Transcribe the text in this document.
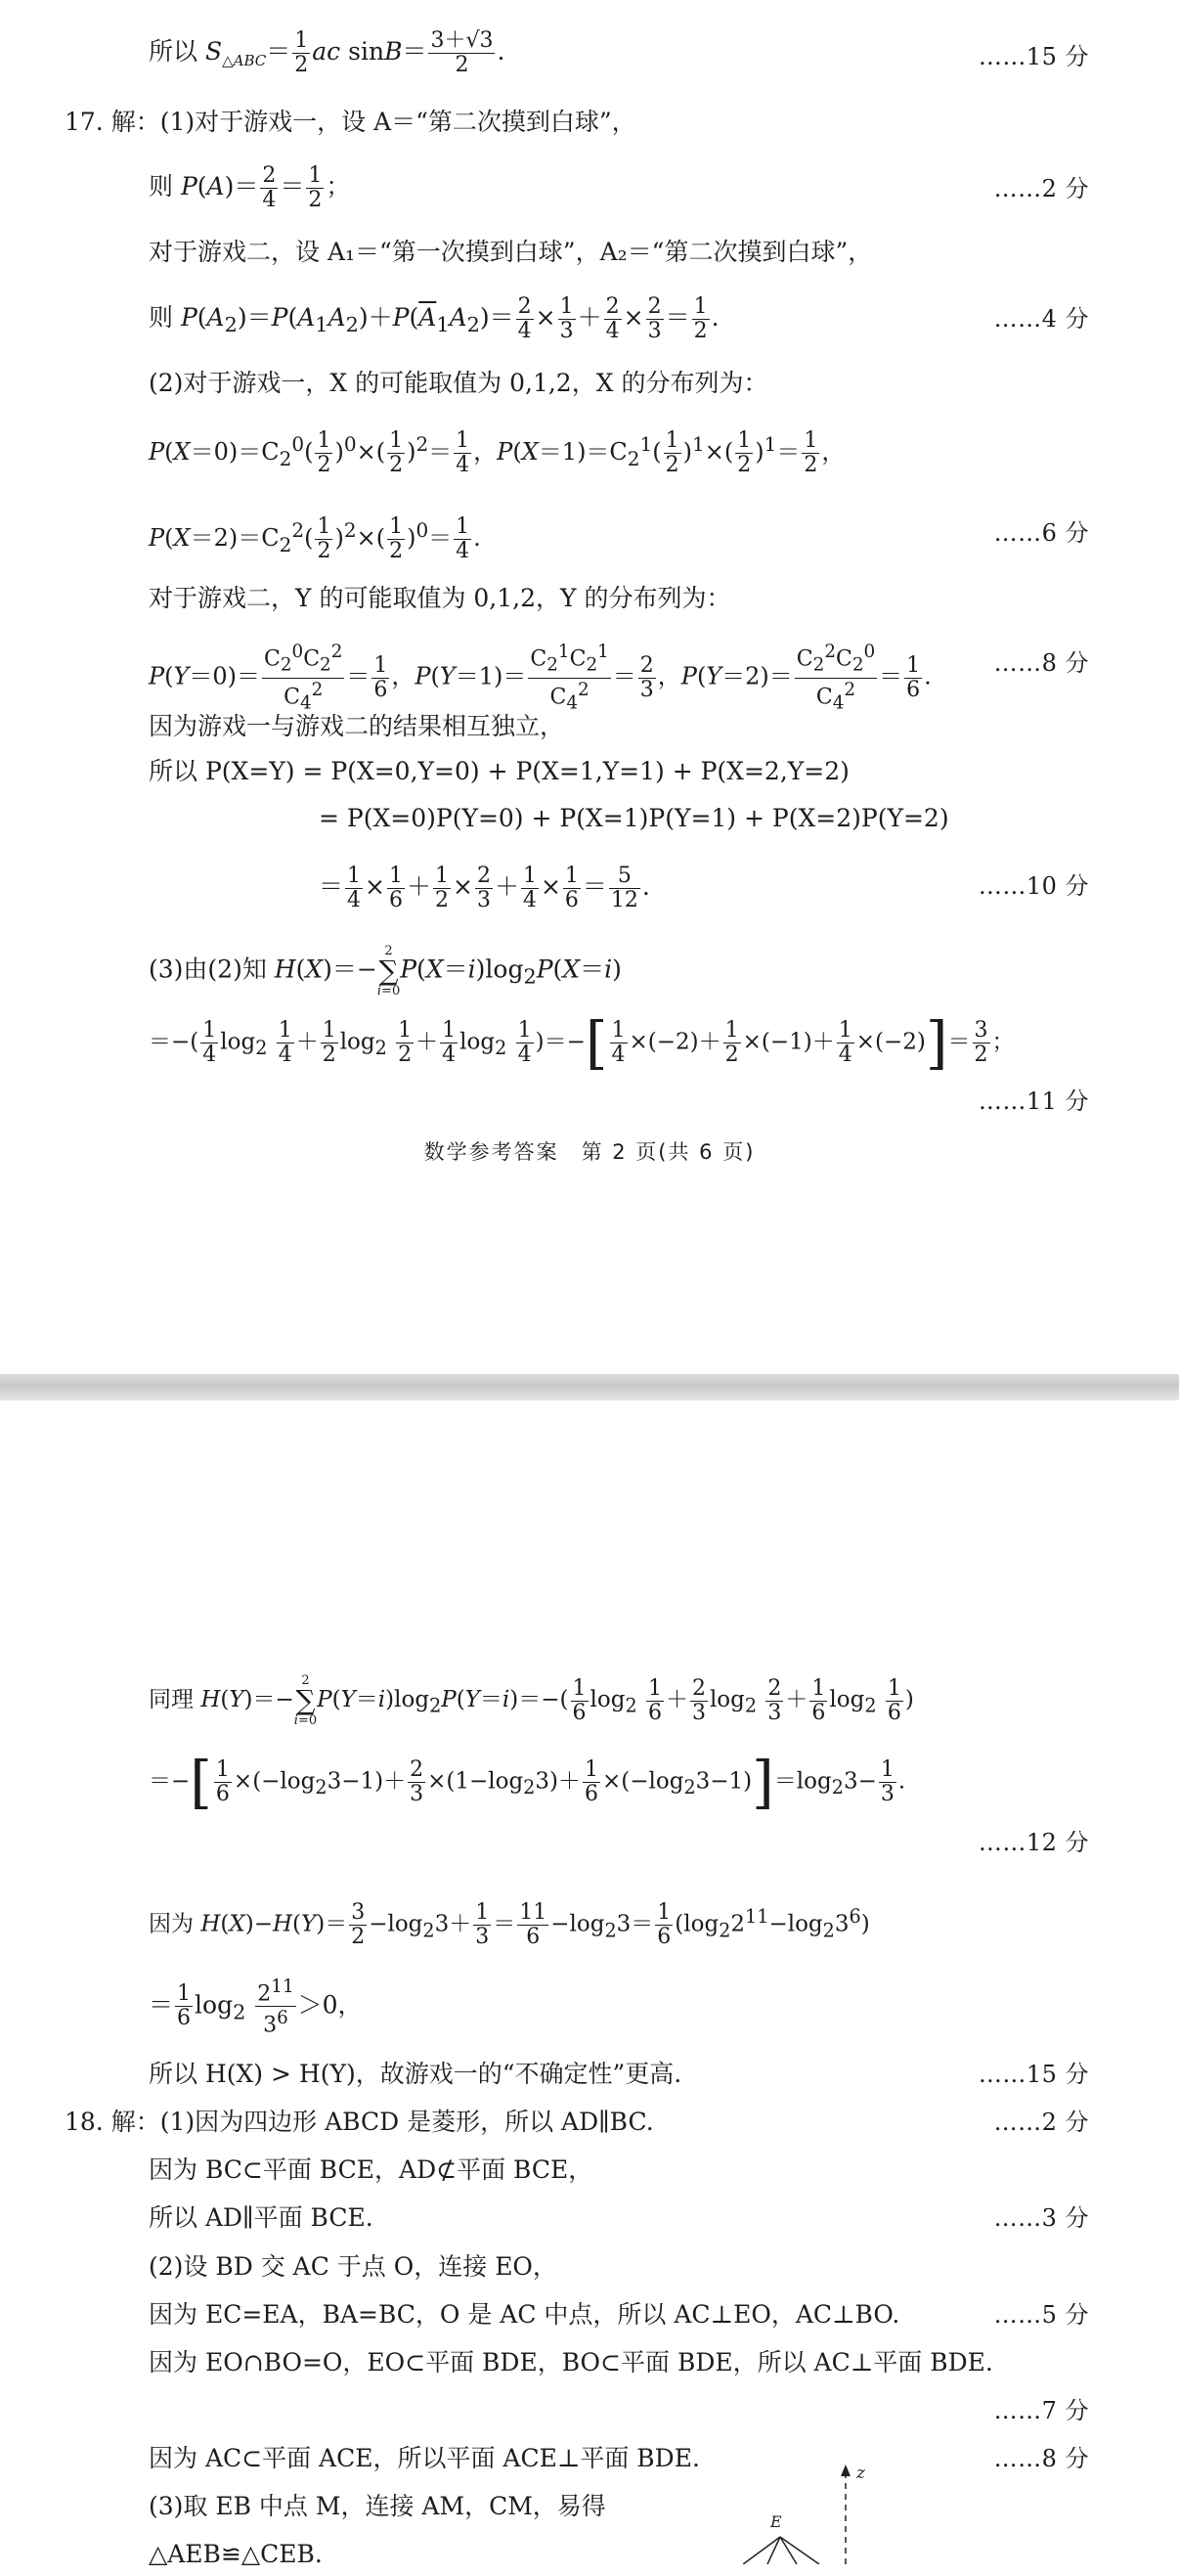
所以 $S_{\triangle ABC}= \frac{1}{2}$ ac $\sin B= \frac{3+√3}{2}$ .	……15 分
17. 解：(1)对于游戏一，设 A＝“第二次摸到白球”，
则 $P(A)= \frac{2}{4} = \frac{1}{2}$ ；	……2 分
对于游戏二，设 A₁＝“第一次摸到白球”，A₂＝“第二次摸到白球”，
则 $P(A_2)=P(A_1A_2)+P(\overline{A}_1A_2)= \frac{2}{4} \times \frac{1}{3} + \frac{2}{4} \times \frac{2}{3} = \frac{1}{2}$ .	……4 分
(2)对于游戏一，X 的可能取值为 0,1,2，X 的分布列为：
$P(X=0)=C_2^0( \frac{1}{2} )^0\times( \frac{1}{2} )^2= \frac{1}{4}$ ，$P(X=1)=C_2^1( \frac{1}{2} )^1\times( \frac{1}{2} )^1= \frac{1}{2}$ ，
$P(X=2)=C_2^2( \frac{1}{2} )^2\times( \frac{1}{2} )^0= \frac{1}{4}$ .	……6 分
对于游戏二，Y 的可能取值为 0,1,2，Y 的分布列为：
$P(Y=0)= \frac{C_2^0C_2^2}{C_4^2} = \frac{1}{6}$ ，$P(Y=1)= \frac{C_2^1C_2^1}{C_4^2} = \frac{2}{3}$ ，$P(Y=2)= \frac{C_2^2C_2^0}{C_4^2} = \frac{1}{6}$ .	……8 分
因为游戏一与游戏二的结果相互独立，
所以 P(X=Y) = P(X=0,Y=0) + P(X=1,Y=1) + P(X=2,Y=2)
= P(X=0)P(Y=0) + P(X=1)P(Y=1) + P(X=2)P(Y=2)
＝ $\frac{1}{4} \times \frac{1}{6} + \frac{1}{2} \times \frac{2}{3} + \frac{1}{4} \times \frac{1}{6} = \frac{5}{12}$ .	……10 分
(3)由(2)知 H(X)＝−2
∑
$i=0P(X=i)\log_2P(X=i)$
＝−( $\frac{1}{4} \log_2 \frac{1}{4} + \frac{1}{2} \log_2 \frac{1}{2} + \frac{1}{4} \log_2 \frac{1}{4}$ )＝−[ $\frac{1}{4} \times(-2)+ \frac{1}{2} \times(-1)+ \frac{1}{4} \times(-2)]= \frac{3}{2}$ ；
……11 分
数学参考答案　第 2 页(共 6 页)
同理 H(Y)＝−2
∑
$i=0P(Y=i)\log_2P(Y=i)=-( \frac{1}{6} \log_2 \frac{1}{6} + \frac{2}{3} \log_2 \frac{2}{3} + \frac{1}{6} \log_2 \frac{1}{6}$ )
＝−[ $\frac{1}{6} \times(-\log_23-1)+ \frac{2}{3} \times(1-\log_23)+ \frac{1}{6} \times(-\log_23-1)]=\log_23- \frac{1}{3}$ .
……12 分
因为 $H(X)-H(Y)= \frac{3}{2} -\log_23+ \frac{1}{3} = \frac{11}{6} -\log_23= \frac{1}{6} (\log_22^{11}-\log_23^6)$
＝ $\frac{1}{6} \log_2 \frac{2^{11}}{3^6} >0$，
所以 H(X) > H(Y)，故游戏一的“不确定性”更高.	……15 分
18. 解：(1)因为四边形 ABCD 是菱形，所以 AD∥BC.	……2 分
因为 BC⊂平面 BCE，AD⊄平面 BCE，
所以 AD∥平面 BCE.	……3 分
(2)设 BD 交 AC 于点 O，连接 EO，
因为 EC=EA，BA=BC，O 是 AC 中点，所以 AC⊥EO，AC⊥BO.	……5 分
因为 EO∩BO=O，EO⊂平面 BDE，BO⊂平面 BDE，所以 AC⊥平面 BDE.
……7 分
因为 AC⊂平面 ACE，所以平面 ACE⊥平面 BDE.	……8 分
(3)取 EB 中点 M，连接 AM，CM，易得
△AEB≌△CEB.
z
E
